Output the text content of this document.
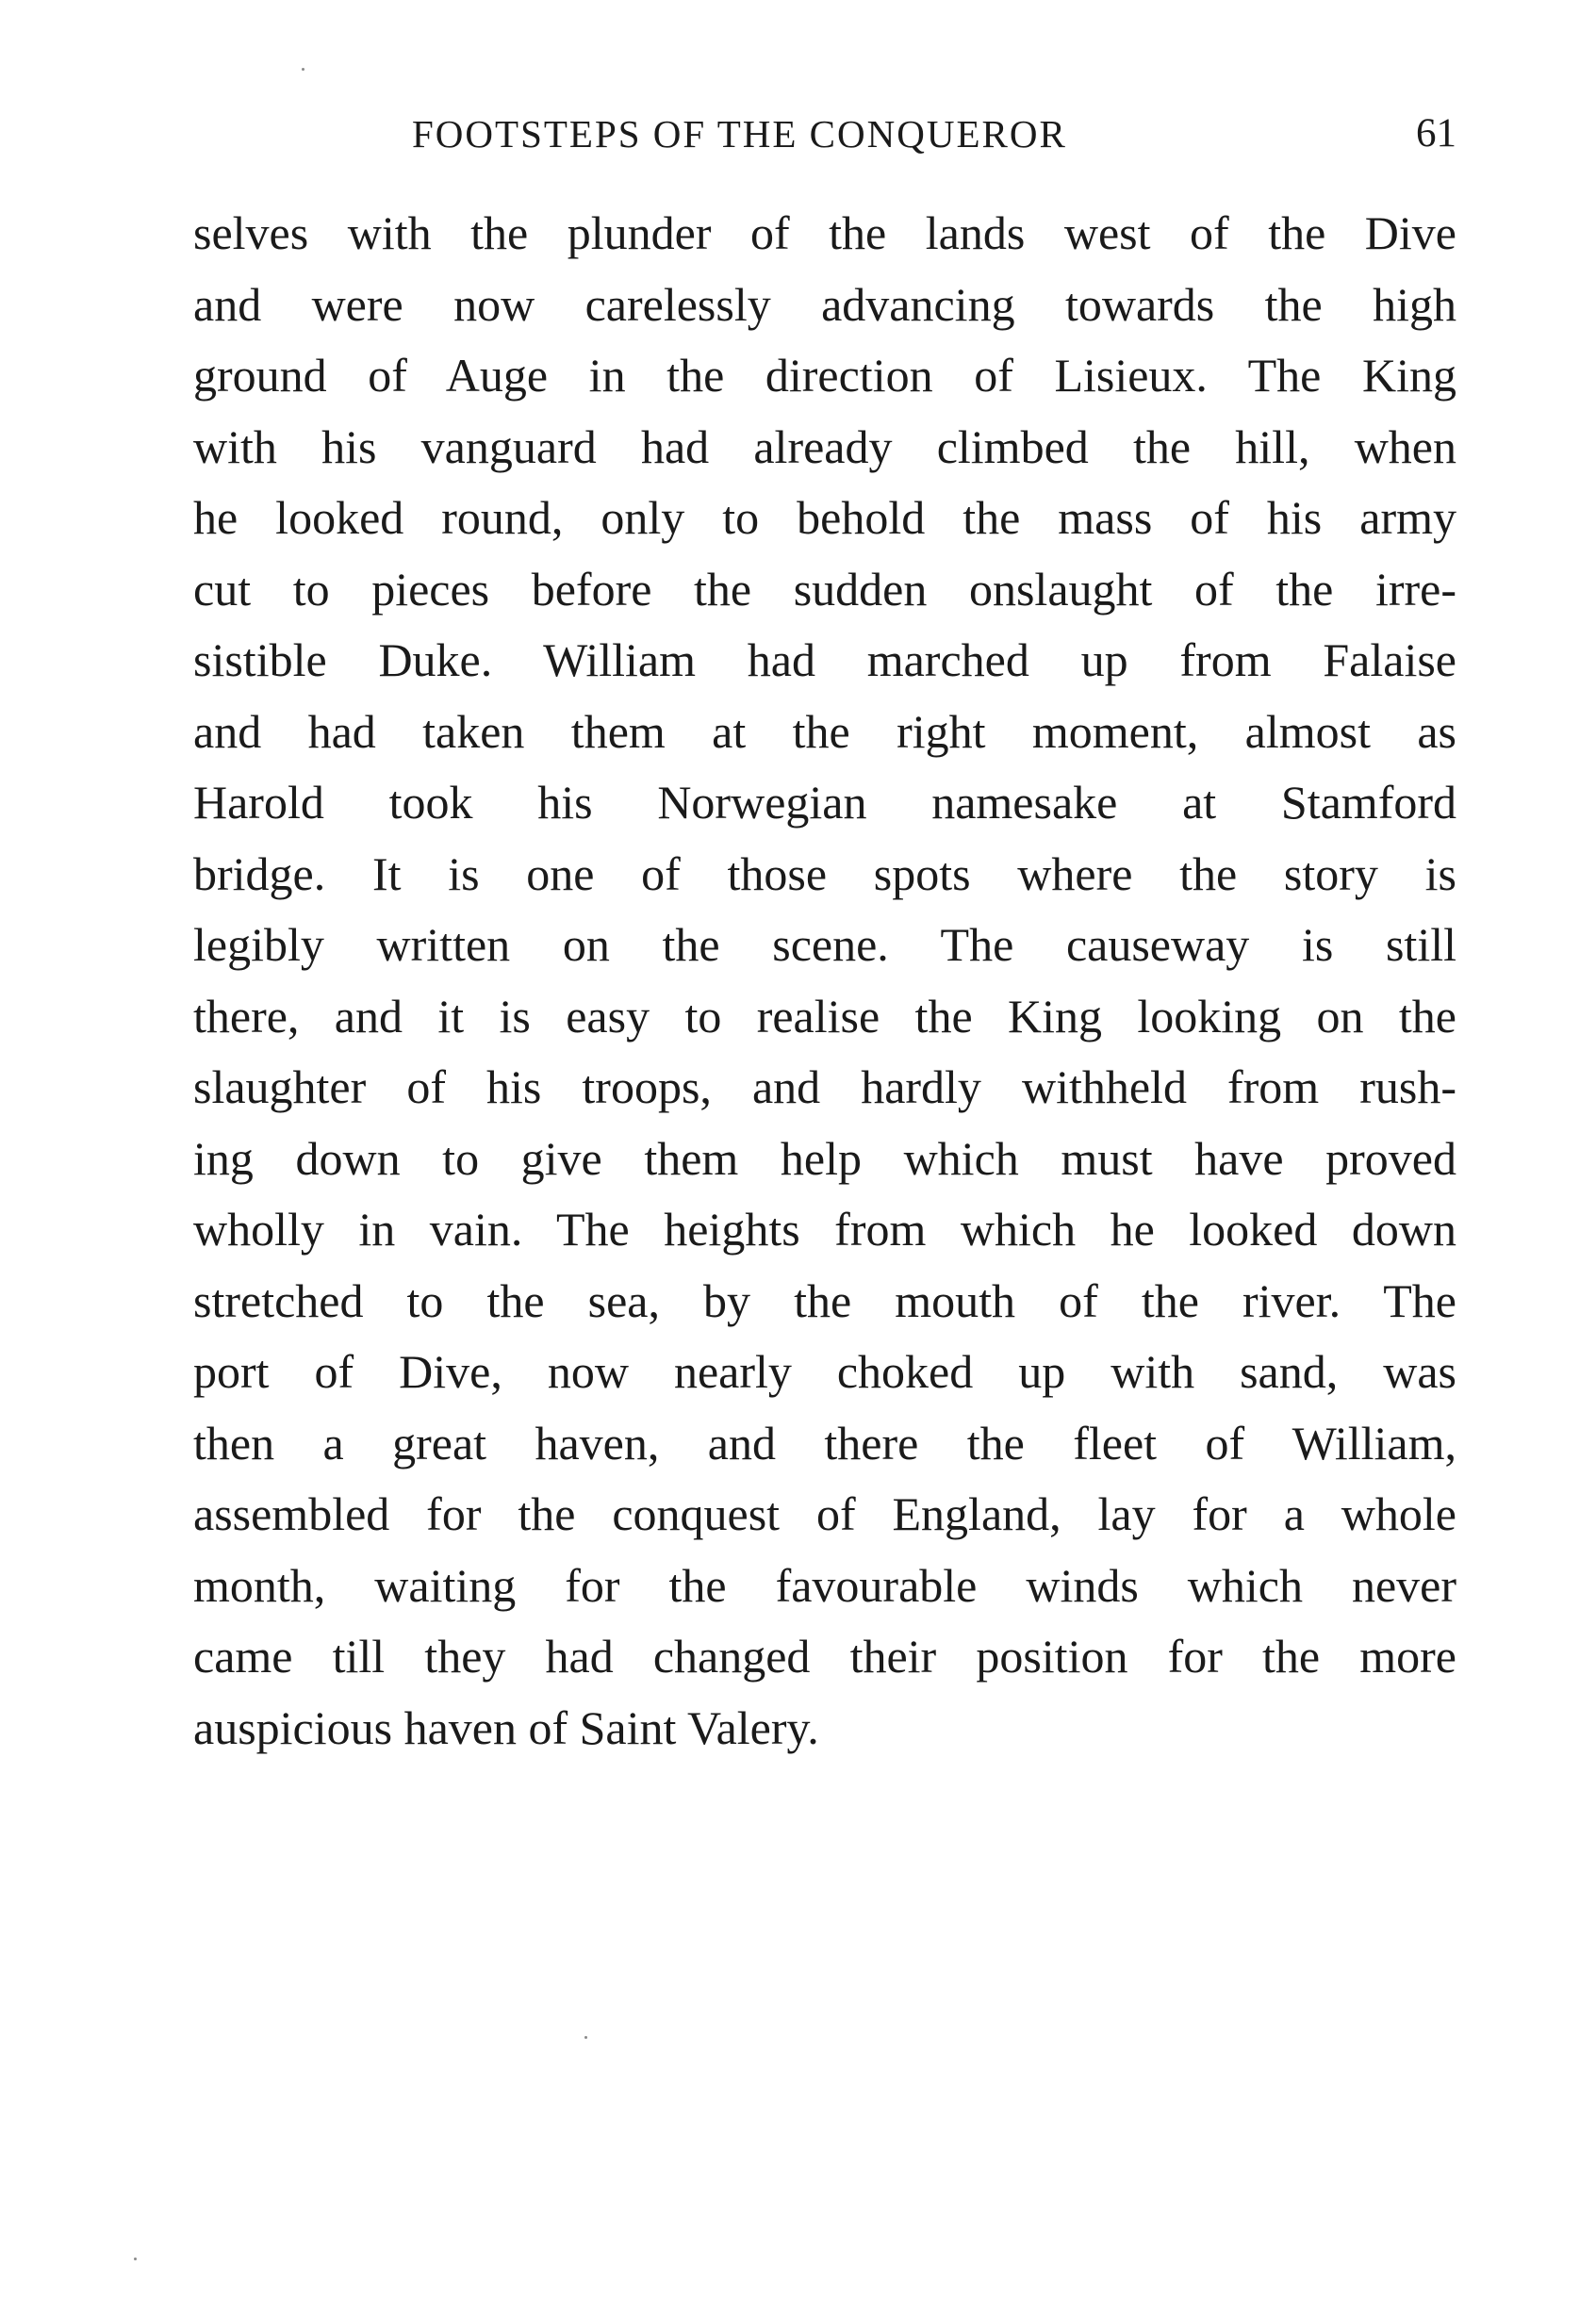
FOOTSTEPS OF THE CONQUEROR	61
selves with the plunder of the lands west of the Dive
and were now carelessly advancing towards the high
ground of Auge in the direction of Lisieux. The King
with his vanguard had already climbed the hill, when
he looked round, only to behold the mass of his army
cut to pieces before the sudden onslaught of the irre-
sistible Duke. William had marched up from Falaise
and had taken them at the right moment, almost as
Harold took his Norwegian namesake at Stamford
bridge. It is one of those spots where the story is
legibly written on the scene. The causeway is still
there, and it is easy to realise the King looking on the
slaughter of his troops, and hardly withheld from rush-
ing down to give them help which must have proved
wholly in vain. The heights from which he looked down
stretched to the sea, by the mouth of the river. The
port of Dive, now nearly choked up with sand, was
then a great haven, and there the fleet of William,
assembled for the conquest of England, lay for a whole
month, waiting for the favourable winds which never
came till they had changed their position for the more
auspicious haven of Saint Valery.
